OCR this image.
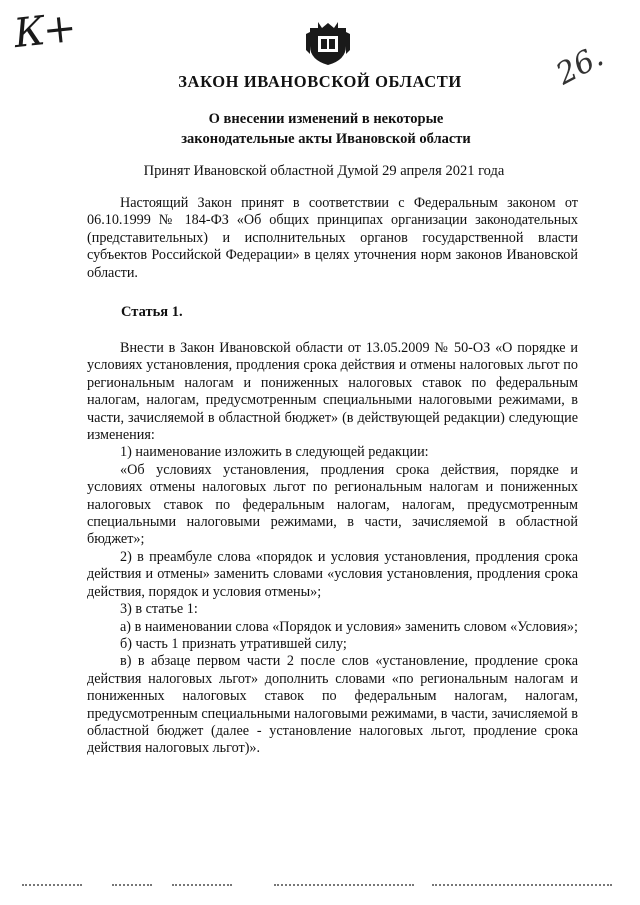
К+
26.
ЗАКОН ИВАНОВСКОЙ ОБЛАСТИ
О внесении изменений в некоторые
законодательные акты Ивановской области
Принят Ивановской областной Думой 29 апреля 2021 года

Настоящий Закон принят в соответствии с Федеральным законом от 06.10.1999 № 184-ФЗ «Об общих принципах организации законодательных (представительных) и исполнительных органов государственной власти субъектов Российской Федерации» в целях уточнения норм законов Ивановской области.

Статья 1.

Внести в Закон Ивановской области от 13.05.2009 № 50-ОЗ «О порядке и условиях установления, продления срока действия и отмены налоговых льгот по региональным налогам и пониженных налоговых ставок по федеральным налогам, налогам, предусмотренным специальными налоговыми режимами, в части, зачисляемой в областной бюджет» (в действующей редакции) следующие изменения:

1) наименование изложить в следующей редакции:

«Об условиях установления, продления срока действия, порядке и условиях отмены налоговых льгот по региональным налогам и пониженных налоговых ставок по федеральным налогам, налогам, предусмотренным специальными налоговыми режимами, в части, зачисляемой в областной бюджет»;

2) в преамбуле слова «порядок и условия установления, продления срока действия и отмены» заменить словами «условия установления, продления срока действия, порядок и условия отмены»;

3) в статье 1:

а) в наименовании слова «Порядок и условия» заменить словом «Условия»;

б) часть 1 признать утратившей силу;

в) в абзаце первом части 2 после слов «установление, продление срока действия налоговых льгот» дополнить словами «по региональным налогам и пониженных налоговых ставок по федеральным налогам, налогам, предусмотренным специальными налоговыми режимами, в части, зачисляемой в областной бюджет (далее - установление налоговых льгот, продление срока действия налоговых льгот)».
